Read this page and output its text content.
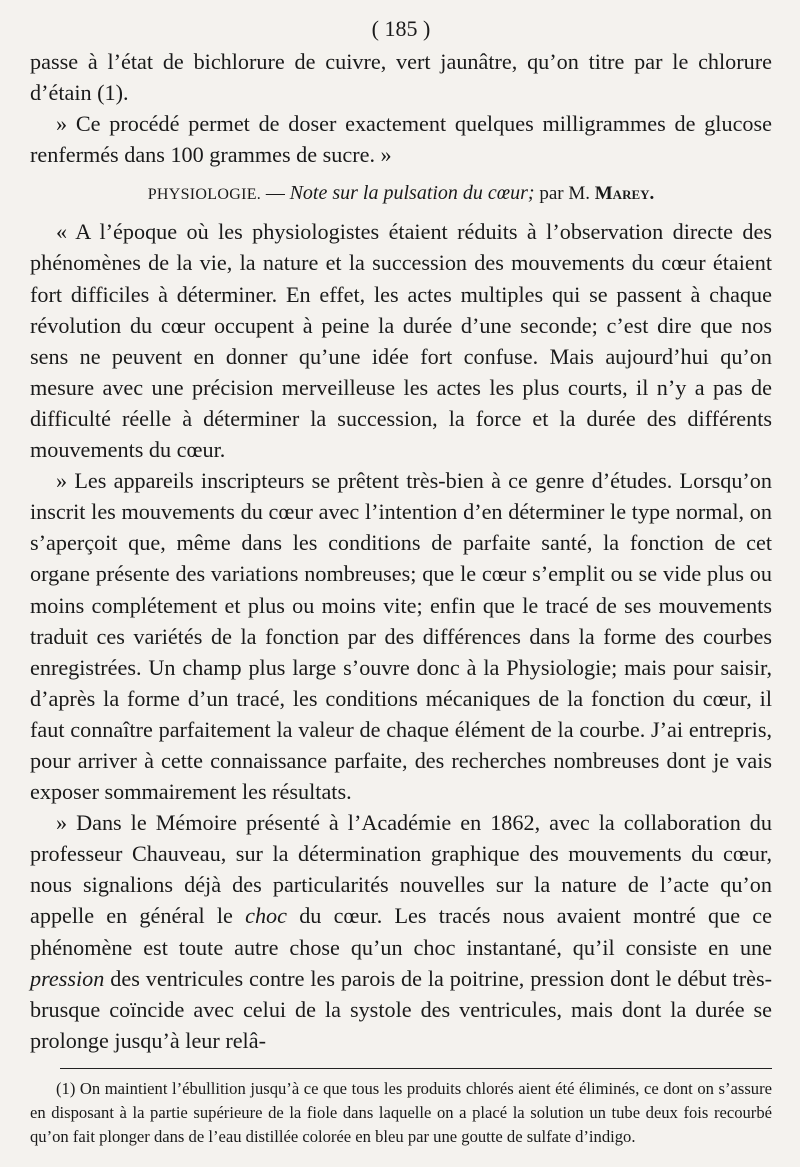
( 185 )

passe à l’état de bichlorure de cuivre, vert jaunâtre, qu’on titre par le chlorure d’étain (1).

» Ce procédé permet de doser exactement quelques milligrammes de glucose renfermés dans 100 grammes de sucre. »

PHYSIOLOGIE. — Note sur la pulsation du cœur; par M. Marey.

« A l’époque où les physiologistes étaient réduits à l’observation directe des phénomènes de la vie, la nature et la succession des mouvements du cœur étaient fort difficiles à déterminer. En effet, les actes multiples qui se passent à chaque révolution du cœur occupent à peine la durée d’une seconde; c’est dire que nos sens ne peuvent en donner qu’une idée fort confuse. Mais aujourd’hui qu’on mesure avec une précision merveilleuse les actes les plus courts, il n’y a pas de difficulté réelle à déterminer la succession, la force et la durée des différents mouvements du cœur.

» Les appareils inscripteurs se prêtent très-bien à ce genre d’études. Lorsqu’on inscrit les mouvements du cœur avec l’intention d’en déterminer le type normal, on s’aperçoit que, même dans les conditions de parfaite santé, la fonction de cet organe présente des variations nombreuses; que le cœur s’emplit ou se vide plus ou moins complétement et plus ou moins vite; enfin que le tracé de ses mouvements traduit ces variétés de la fonction par des différences dans la forme des courbes enregistrées. Un champ plus large s’ouvre donc à la Physiologie; mais pour saisir, d’après la forme d’un tracé, les conditions mécaniques de la fonction du cœur, il faut connaître parfaitement la valeur de chaque élément de la courbe. J’ai entrepris, pour arriver à cette connaissance parfaite, des recherches nombreuses dont je vais exposer sommairement les résultats.

» Dans le Mémoire présenté à l’Académie en 1862, avec la collaboration du professeur Chauveau, sur la détermination graphique des mouvements du cœur, nous signalions déjà des particularités nouvelles sur la nature de l’acte qu’on appelle en général le choc du cœur. Les tracés nous avaient montré que ce phénomène est toute autre chose qu’un choc instantané, qu’il consiste en une pression des ventricules contre les parois de la poitrine, pression dont le début très-brusque coïncide avec celui de la systole des ventricules, mais dont la durée se prolonge jusqu’à leur relâ-

(1) On maintient l’ébullition jusqu’à ce que tous les produits chlorés aient été éliminés, ce dont on s’assure en disposant à la partie supérieure de la fiole dans laquelle on a placé la solution un tube deux fois recourbé qu’on fait plonger dans de l’eau distillée colorée en bleu par une goutte de sulfate d’indigo.
